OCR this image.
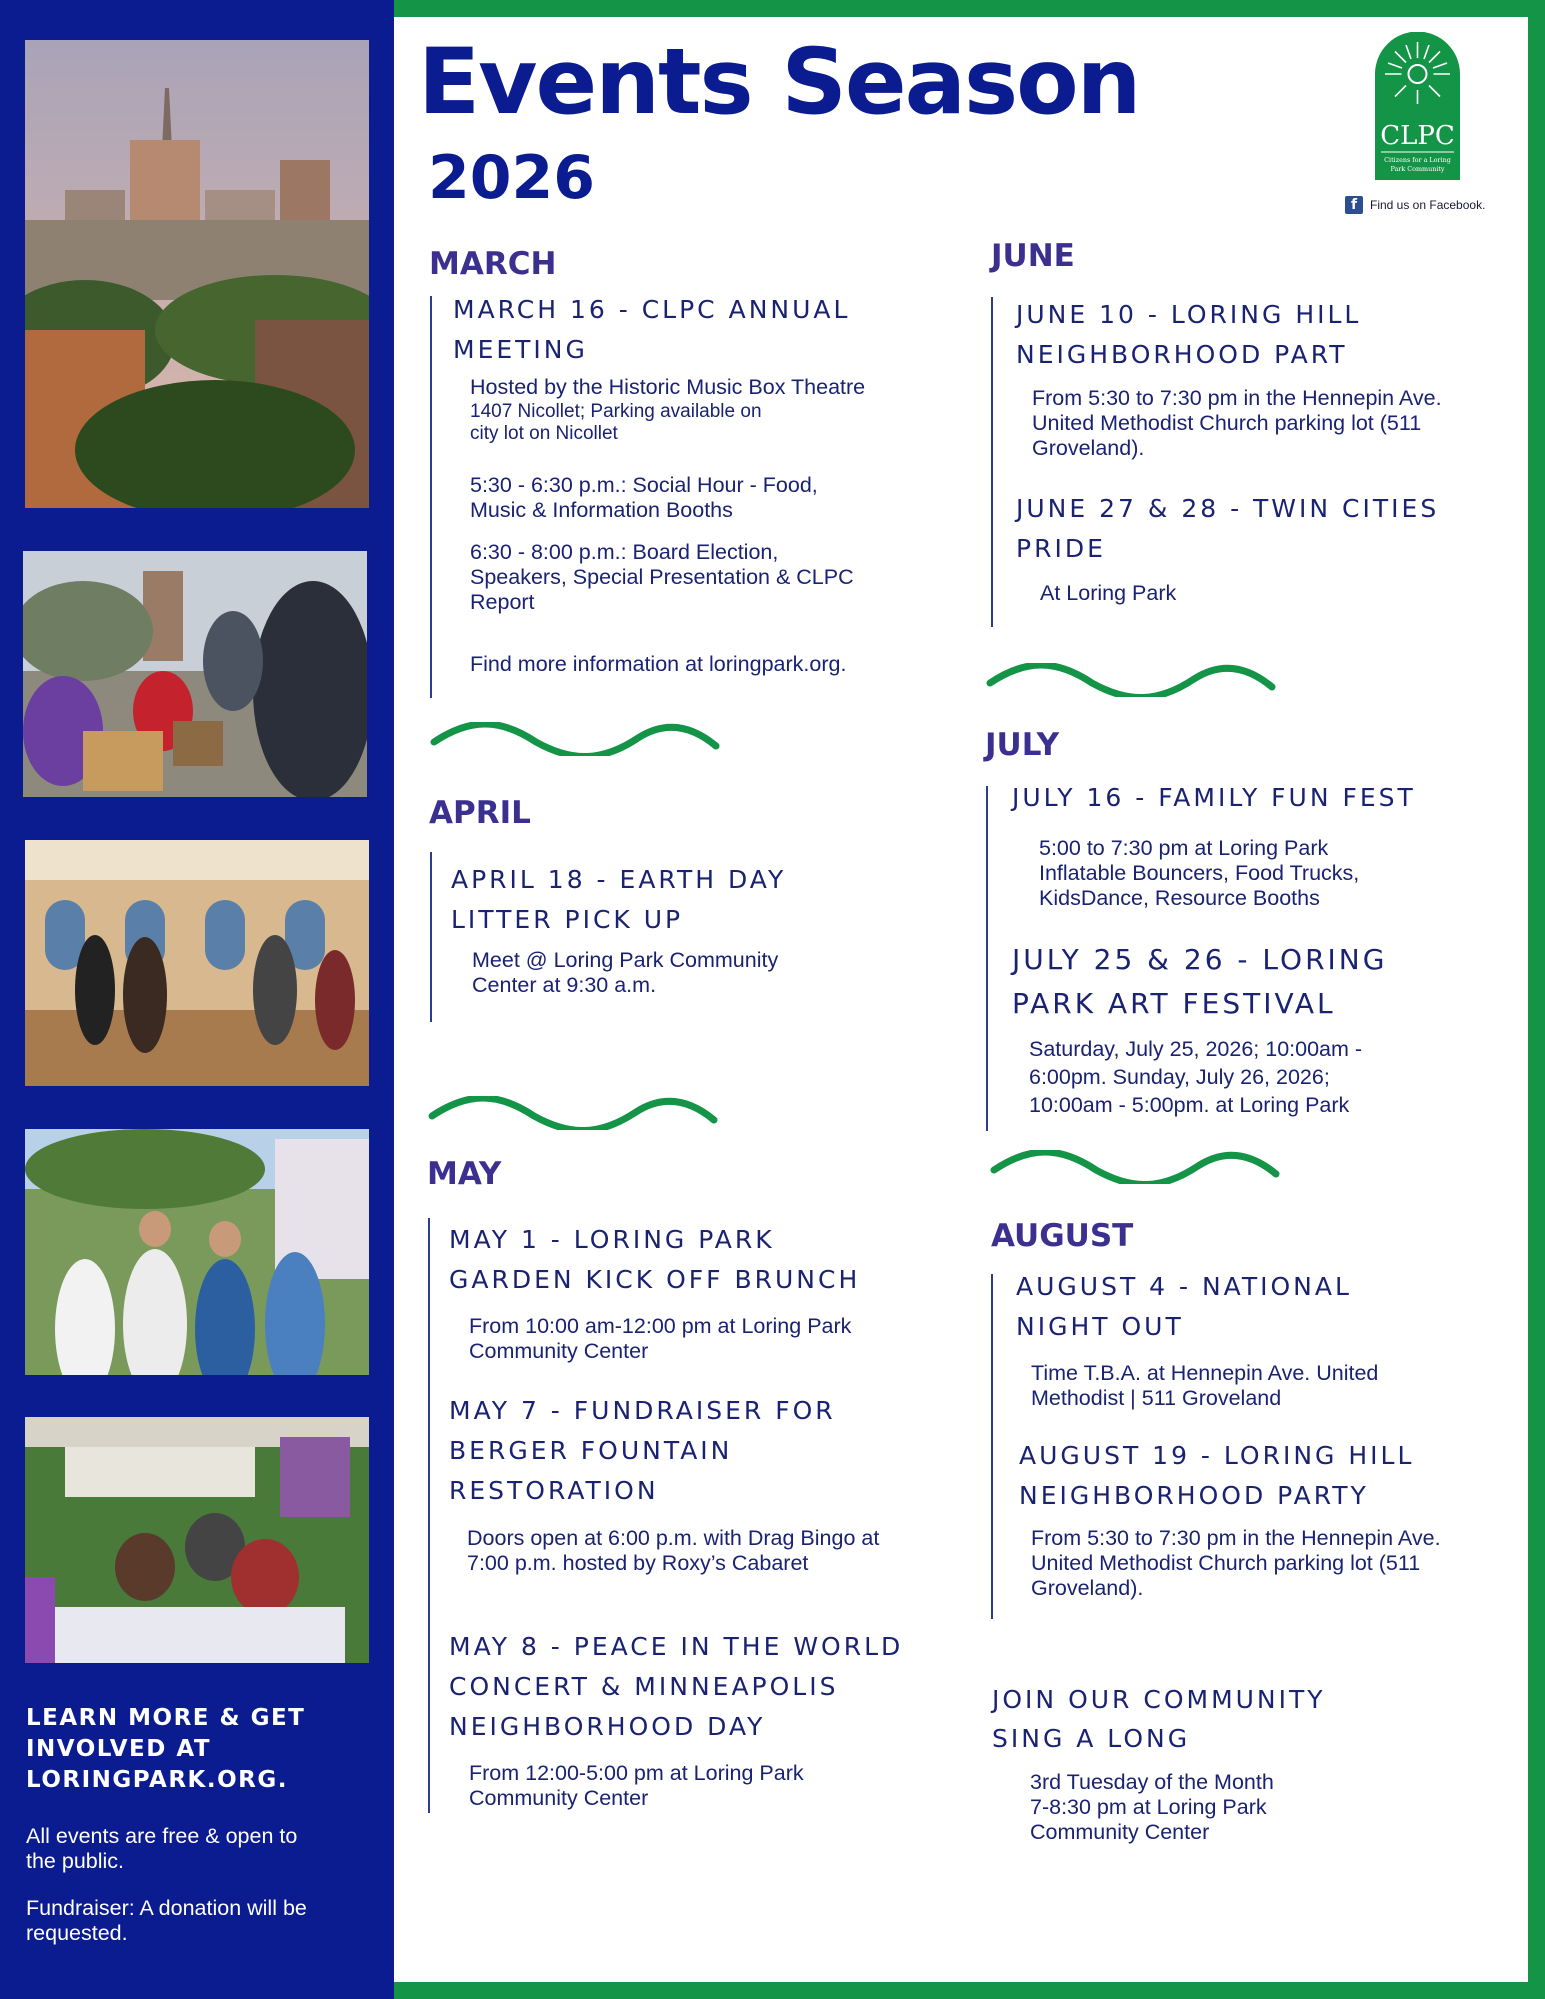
LEARN MORE & GET
INVOLVED AT
LORINGPARK.ORG.
All events are free & open to
the public.
Fundraiser: A donation will be
requested.
Events Season
2026
CLPC
Citizens for a Loring
Park Community
f	Find us on Facebook.
MARCH
MARCH 16 - CLPC ANNUAL
MEETING
Hosted by the Historic Music Box Theatre
1407 Nicollet; Parking available on
city lot on Nicollet
5:30 - 6:30 p.m.: Social Hour - Food,
Music & Information Booths
6:30 - 8:00 p.m.: Board Election,
Speakers, Special Presentation & CLPC
Report
Find more information at loringpark.org.
APRIL
APRIL 18 - EARTH DAY
LITTER PICK UP
Meet @ Loring Park Community
Center at 9:30 a.m.
MAY
MAY 1 - LORING PARK
GARDEN KICK OFF BRUNCH
From 10:00 am-12:00 pm at Loring Park
Community Center
MAY 7 - FUNDRAISER FOR
BERGER FOUNTAIN
RESTORATION
Doors open at 6:00 p.m. with Drag Bingo at
7:00 p.m. hosted by Roxy’s Cabaret
MAY 8 - PEACE IN THE WORLD
CONCERT & MINNEAPOLIS
NEIGHBORHOOD DAY
From 12:00-5:00 pm at Loring Park
Community Center
JUNE
JUNE 10 - LORING HILL
NEIGHBORHOOD PART
From 5:30 to 7:30 pm in the Hennepin Ave.
United Methodist Church parking lot (511
Groveland).
JUNE 27 & 28 - TWIN CITIES
PRIDE
At Loring Park
JULY
JULY 16 - FAMILY FUN FEST
5:00 to 7:30 pm at Loring Park
Inflatable Bouncers, Food Trucks,
KidsDance, Resource Booths
JULY 25 & 26 - LORING
PARK ART FESTIVAL
Saturday, July 25, 2026; 10:00am -
6:00pm. Sunday, July 26, 2026;
10:00am - 5:00pm. at Loring Park
AUGUST
AUGUST 4 - NATIONAL
NIGHT OUT
Time T.B.A. at Hennepin Ave. United
Methodist | 511 Groveland
AUGUST 19 - LORING HILL
NEIGHBORHOOD PARTY
From 5:30 to 7:30 pm in the Hennepin Ave.
United Methodist Church parking lot (511
Groveland).
JOIN OUR COMMUNITY
SING A LONG
3rd Tuesday of the Month
7-8:30 pm at Loring Park
Community Center
